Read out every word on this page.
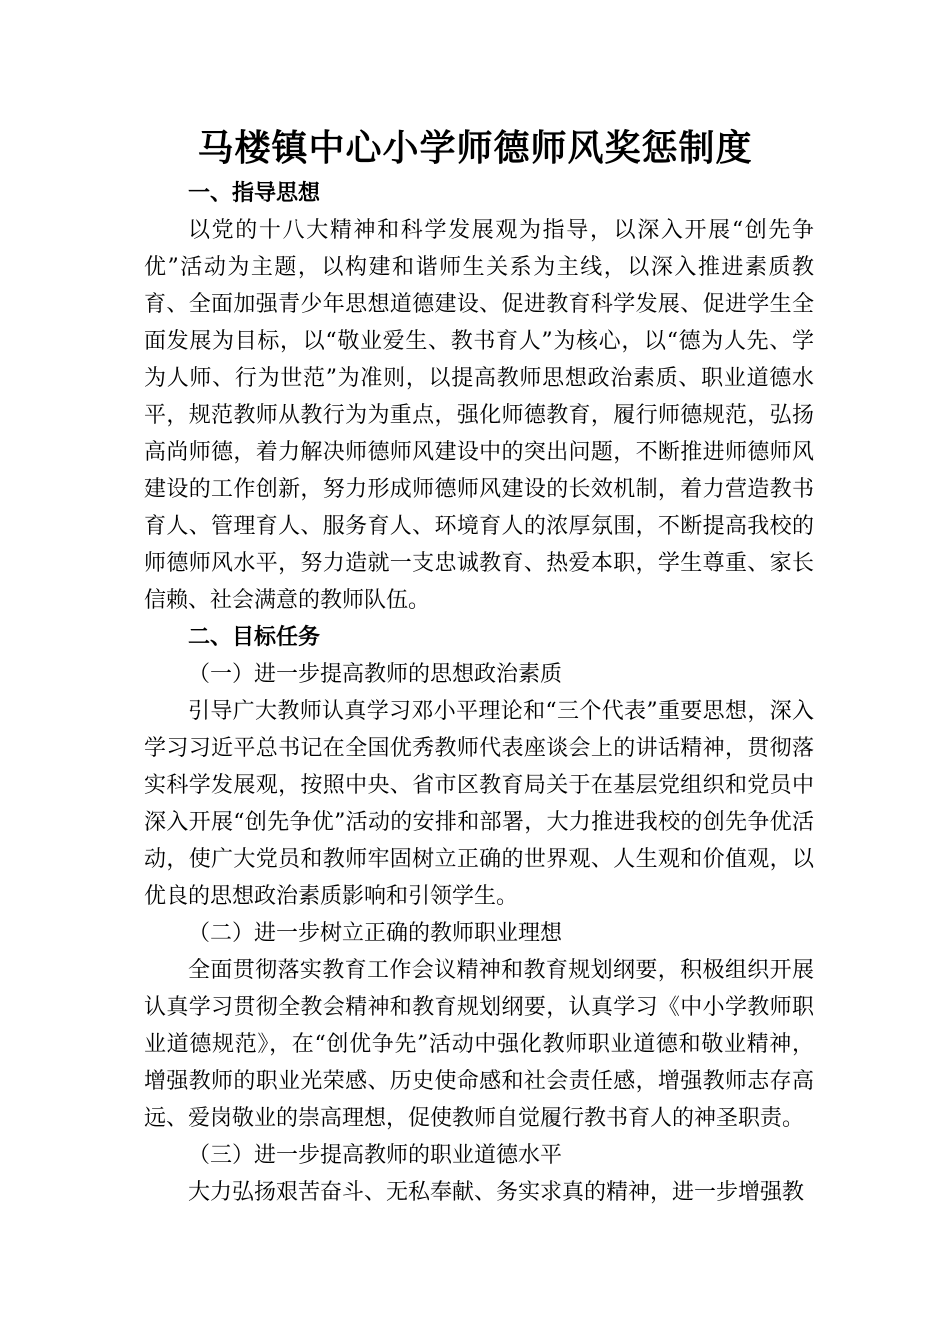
马楼镇中心小学师德师风奖惩制度

一、指导思想

以党的十八大精神和科学发展观为指导，以深入开展“创先争优”活动为主题，以构建和谐师生关系为主线，以深入推进素质教育、全面加强青少年思想道德建设、促进教育科学发展、促进学生全面发展为目标，以“敬业爱生、教书育人”为核心，以“德为人先、学为人师、行为世范”为准则，以提高教师思想政治素质、职业道德水平，规范教师从教行为为重点，强化师德教育，履行师德规范，弘扬高尚师德，着力解决师德师风建设中的突出问题，不断推进师德师风建设的工作创新，努力形成师德师风建设的长效机制，着力营造教书育人、管理育人、服务育人、环境育人的浓厚氛围，不断提高我校的师德师风水平，努力造就一支忠诚教育、热爱本职，学生尊重、家长信赖、社会满意的教师队伍。

二、目标任务

（一）进一步提高教师的思想政治素质

引导广大教师认真学习邓小平理论和“三个代表”重要思想，深入学习习近平总书记在全国优秀教师代表座谈会上的讲话精神，贯彻落实科学发展观，按照中央、省市区教育局关于在基层党组织和党员中深入开展“创先争优”活动的安排和部署，大力推进我校的创先争优活动，使广大党员和教师牢固树立正确的世界观、人生观和价值观，以优良的思想政治素质影响和引领学生。

（二）进一步树立正确的教师职业理想

全面贯彻落实教育工作会议精神和教育规划纲要，积极组织开展认真学习贯彻全教会精神和教育规划纲要，认真学习《中小学教师职业道德规范》，在“创优争先”活动中强化教师职业道德和敬业精神，增强教师的职业光荣感、历史使命感和社会责任感，增强教师志存高远、爱岗敬业的崇高理想，促使教师自觉履行教书育人的神圣职责。

（三）进一步提高教师的职业道德水平

大力弘扬艰苦奋斗、无私奉献、务实求真的精神，进一步增强教
